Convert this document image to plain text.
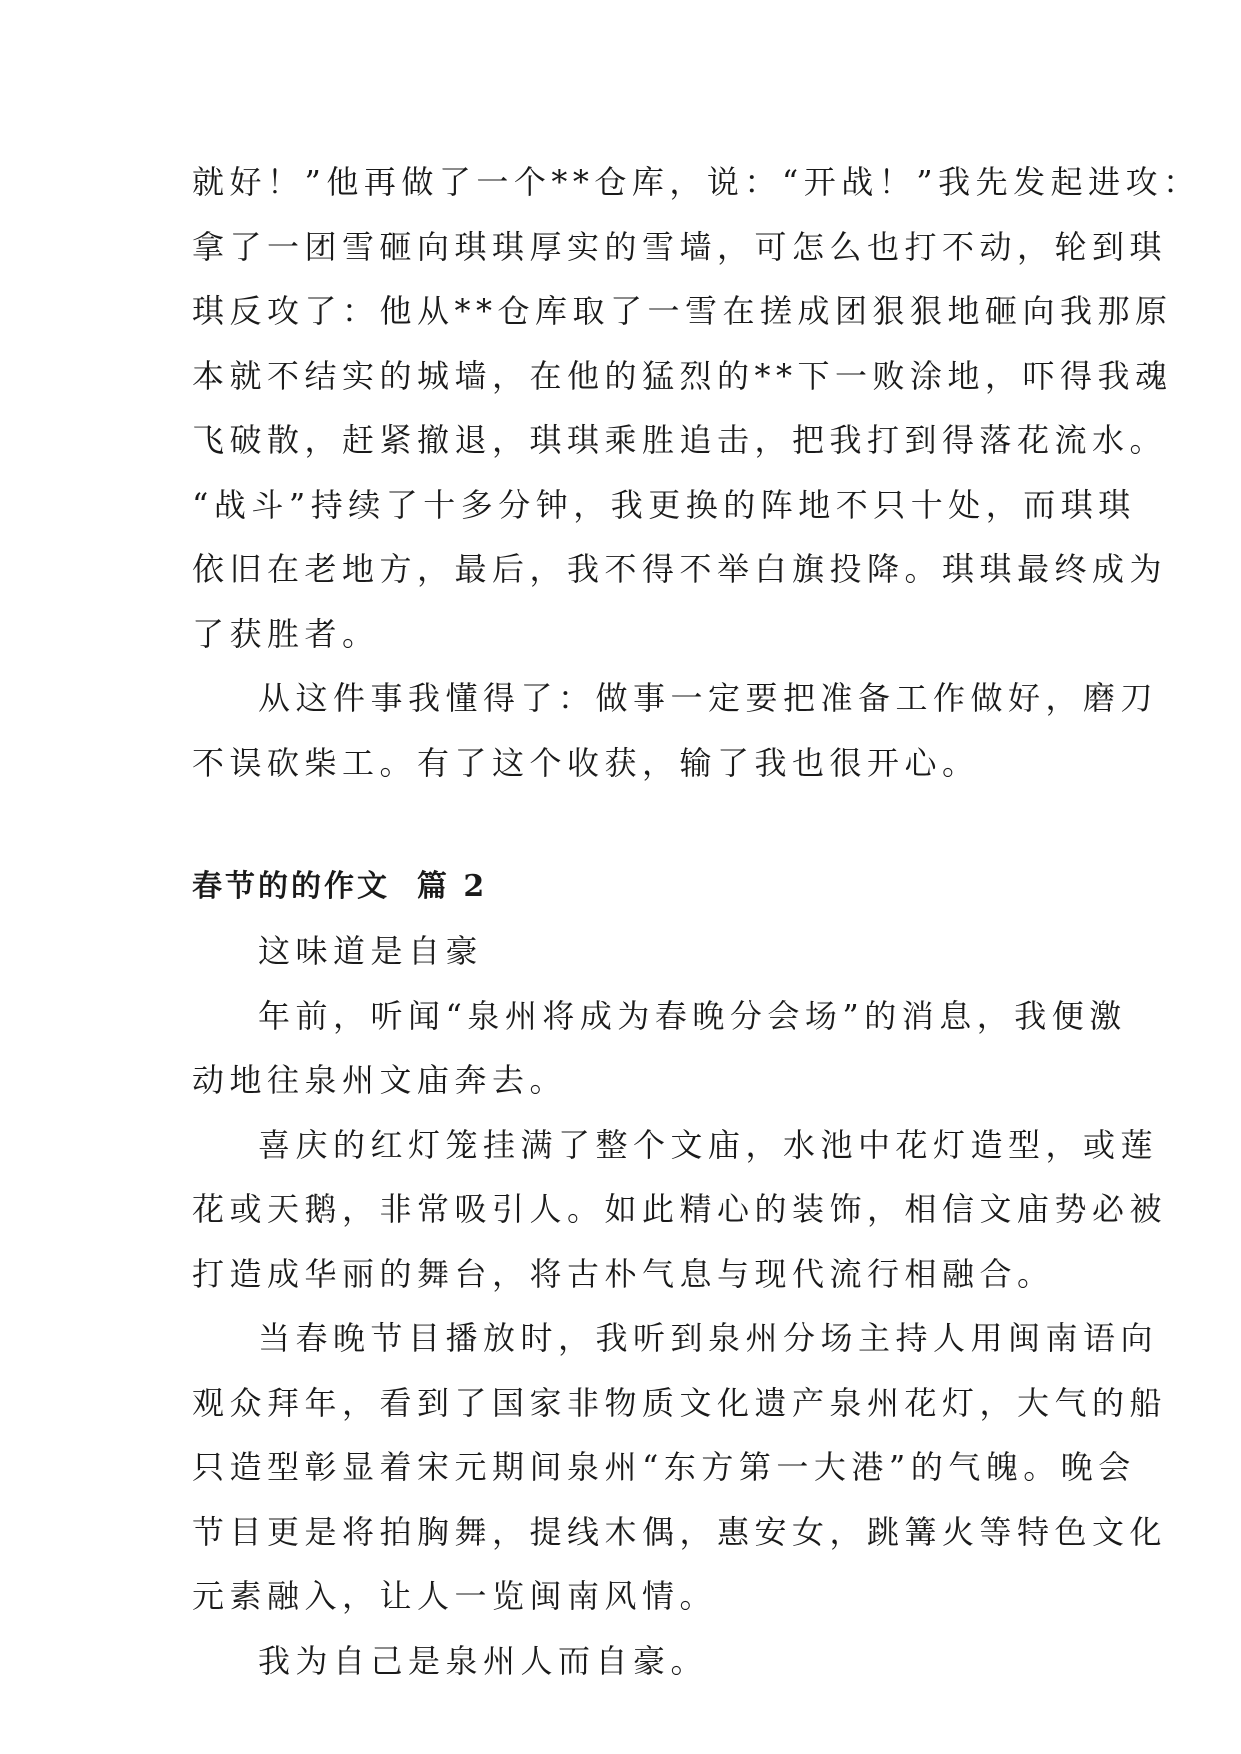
就好！”他再做了一个**仓库，说：“开战！”我先发起进攻：
拿了一团雪砸向琪琪厚实的雪墙，可怎么也打不动，轮到琪
琪反攻了：他从**仓库取了一雪在搓成团狠狠地砸向我那原
本就不结实的城墙，在他的猛烈的**下一败涂地，吓得我魂
飞破散，赶紧撤退，琪琪乘胜追击，把我打到得落花流水。
“战斗”持续了十多分钟，我更换的阵地不只十处，而琪琪
依旧在老地方，最后，我不得不举白旗投降。琪琪最终成为
了获胜者。

从这件事我懂得了：做事一定要把准备工作做好，磨刀
不误砍柴工。有了这个收获，输了我也很开心。

春节的的作文  篇 2

这味道是自豪

年前，听闻“泉州将成为春晚分会场”的消息，我便激
动地往泉州文庙奔去。

喜庆的红灯笼挂满了整个文庙，水池中花灯造型，或莲
花或天鹅，非常吸引人。如此精心的装饰，相信文庙势必被
打造成华丽的舞台，将古朴气息与现代流行相融合。

当春晚节目播放时，我听到泉州分场主持人用闽南语向
观众拜年，看到了国家非物质文化遗产泉州花灯，大气的船
只造型彰显着宋元期间泉州“东方第一大港”的气魄。晚会
节目更是将拍胸舞，提线木偶，惠安女，跳篝火等特色文化
元素融入，让人一览闽南风情。

我为自己是泉州人而自豪。
